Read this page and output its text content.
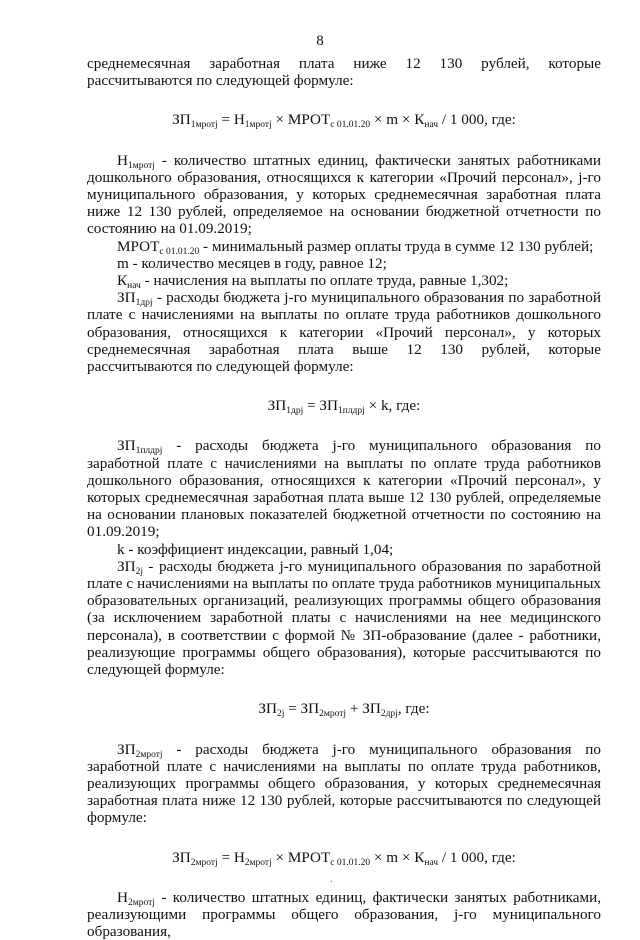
8

среднемесячная заработная плата ниже 12 130 рублей, которые рассчитываются по следующей формуле:

$ЗП_{1мротj} = Н_{1мротj}$ × $МРОТ_{с 01.01.20} \times m \times К_{нач} / 1$ 000, где:

$Н_{1мротj}$ - количество штатных единиц, фактически занятых работниками дошкольного образования, относящихся к категории «Прочий персонал», j-го муниципального образования, у которых среднемесячная заработная плата ниже 12 130 рублей, определяемое на основании бюджетной отчетности по состоянию на 01.09.2019;

$МРОТ_{с 01.01.20}$ - минимальный размер оплаты труда в сумме 12 130 рублей;

m - количество месяцев в году, равное 12;

$К_{нач}$ - начисления на выплаты по оплате труда, равные 1,302;

$ЗП_{1дрj}$ - расходы бюджета j-го муниципального образования по заработной плате с начислениями на выплаты по оплате труда работников дошкольного образования, относящихся к категории «Прочий персонал», у которых среднемесячная заработная плата выше 12 130 рублей, которые рассчитываются по следующей формуле:

$ЗП_{1дрj} = ЗП_{1плдрj} \times k$, где:

$ЗП_{1плдрj}$ - расходы бюджета j-го муниципального образования по заработной плате с начислениями на выплаты по оплате труда работников дошкольного образования, относящихся к категории «Прочий персонал», у которых среднемесячная заработная плата выше 12 130 рублей, определяемые на основании плановых показателей бюджетной отчетности по состоянию на 01.09.2019;

k - коэффициент индексации, равный 1,04;

$ЗП_{2j}$ - расходы бюджета j-го муниципального образования по заработной плате с начислениями на выплаты по оплате труда работников муниципальных образовательных организаций, реализующих программы общего образования (за исключением заработной платы с начислениями на нее медицинского персонала), в соответствии с формой № ЗП-образование (далее - работники, реализующие программы общего образования), которые рассчитываются по следующей формуле:

$ЗП_{2j} = ЗП_{2мротj} + ЗП_{2дрj}$, где:

$ЗП_{2мротj}$ - расходы бюджета j-го муниципального образования по заработной плате с начислениями на выплаты по оплате труда работников, реализующих программы общего образования, у которых среднемесячная заработная плата ниже 12 130 рублей, которые рассчитываются по следующей формуле:

$ЗП_{2мротj} = Н_{2мротj}$ × $МРОТ_{с 01.01.20} \times m \times К_{нач} / 1$ 000, где:

$Н_{2мротj}$ - количество штатных единиц, фактически занятых работниками, реализующими программы общего образования, j-го муниципального образования,

.
